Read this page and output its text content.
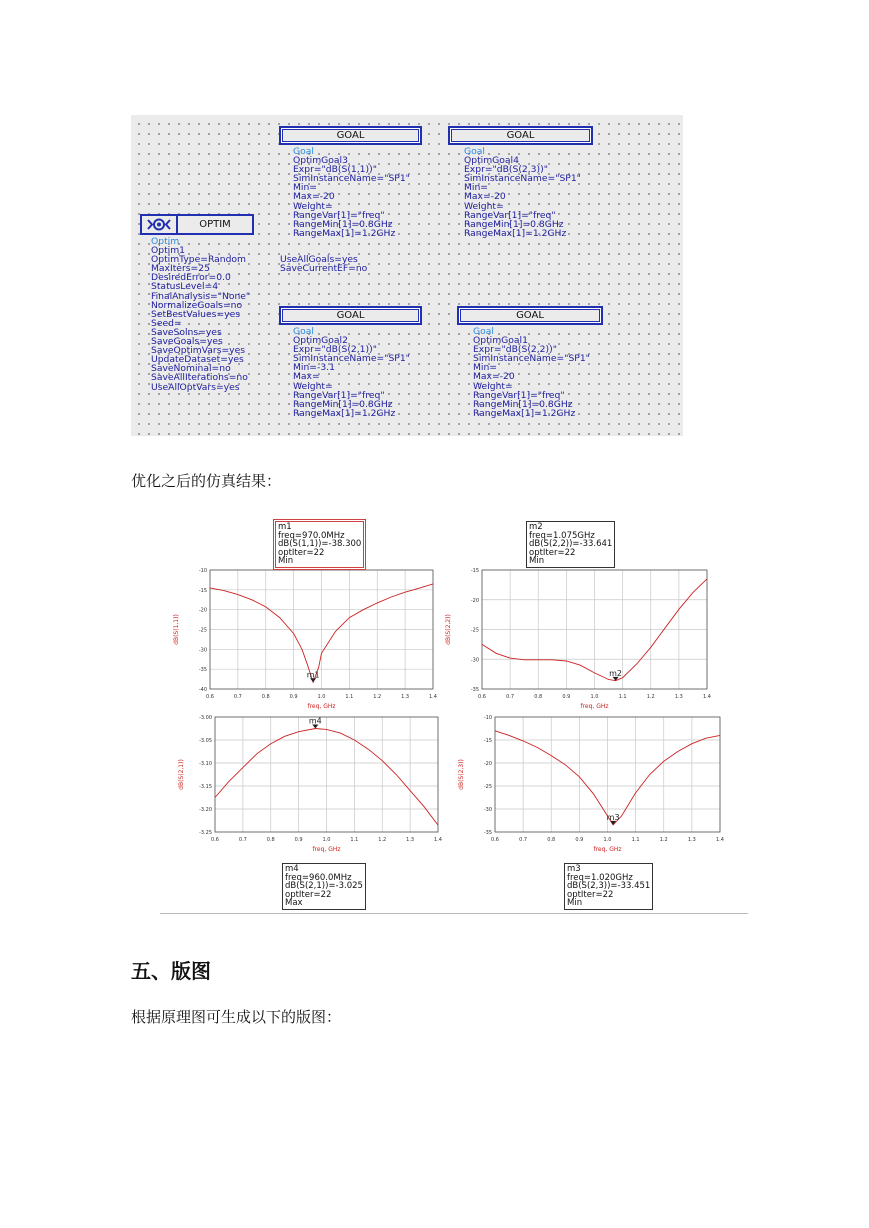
GOAL	GOAL
GOAL	GOAL
Goal
OptimGoal3
Expr="dB(S(1,1))"
SimInstanceName="SP1"
Min=
Max=-20
Weight=
RangeVar[1]="freq"
RangeMin[1]=0.8GHz
RangeMax[1]=1.2GHz
Goal
OptimGoal4
Expr="dB(S(2,3))"
SimInstanceName="SP1"
Min=
Max=-20
Weight=
RangeVar[1]="freq"
RangeMin[1]=0.8GHz
RangeMax[1]=1.2GHz
Goal
OptimGoal2
Expr="dB(S(2,1))"
SimInstanceName="SP1"
Min=-3.1
Max=
Weight=
RangeVar[1]="freq"
RangeMin[1]=0.8GHz
RangeMax[1]=1.2GHz
Goal
OptimGoal1
Expr="dB(S(2,2))"
SimInstanceName="SP1"
Min=
Max=-20
Weight=
RangeVar[1]="freq"
RangeMin[1]=0.8GHz
RangeMax[1]=1.2GHz
OPTIM
Optim
Optim1
OptimType=Random
MaxIters=25
DesiredError=0.0
StatusLevel=4
FinalAnalysis="None"
NormalizeGoals=no
SetBestValues=yes
Seed=
SaveSolns=yes
SaveGoals=yes
SaveOptimVars=yes
UpdateDataset=yes
SaveNominal=no
SaveAllIterations=no
UseAllOptVars=yes
UseAllGoals=yes
SaveCurrentEF=no
优化之后的仿真结果：
0.6	0.7	0.8	0.9	1.0	1.1	1.2	1.3	1.4
-40
-35
-30
-25
-20
-15
-10
freq, GHz
dB(S(1,1))
m1
0.6	0.7	0.8	0.9	1.0	1.1	1.2	1.3	1.4
-35
-30
-25
-20
-15
freq, GHz
dB(S(2,2))
m2
0.6	0.7	0.8	0.9	1.0	1.1	1.2	1.3	1.4
-3.25
-3.20
-3.15
-3.10
-3.05
-3.00
freq, GHz
dB(S(2,1))
m4
0.6	0.7	0.8	0.9	1.0	1.1	1.2	1.3	1.4
-35
-30
-25
-20
-15
-10
freq, GHz
dB(S(2,3))
m3
m1
freq=970.0MHz
dB(S(1,1))=-38.300
optIter=22
Min
m2
freq=1.075GHz
dB(S(2,2))=-33.641
optIter=22
Min
m4
freq=960.0MHz
dB(S(2,1))=-3.025
optIter=22
Max
m3
freq=1.020GHz
dB(S(2,3))=-33.451
optIter=22
Min
五、版图
根据原理图可生成以下的版图：
